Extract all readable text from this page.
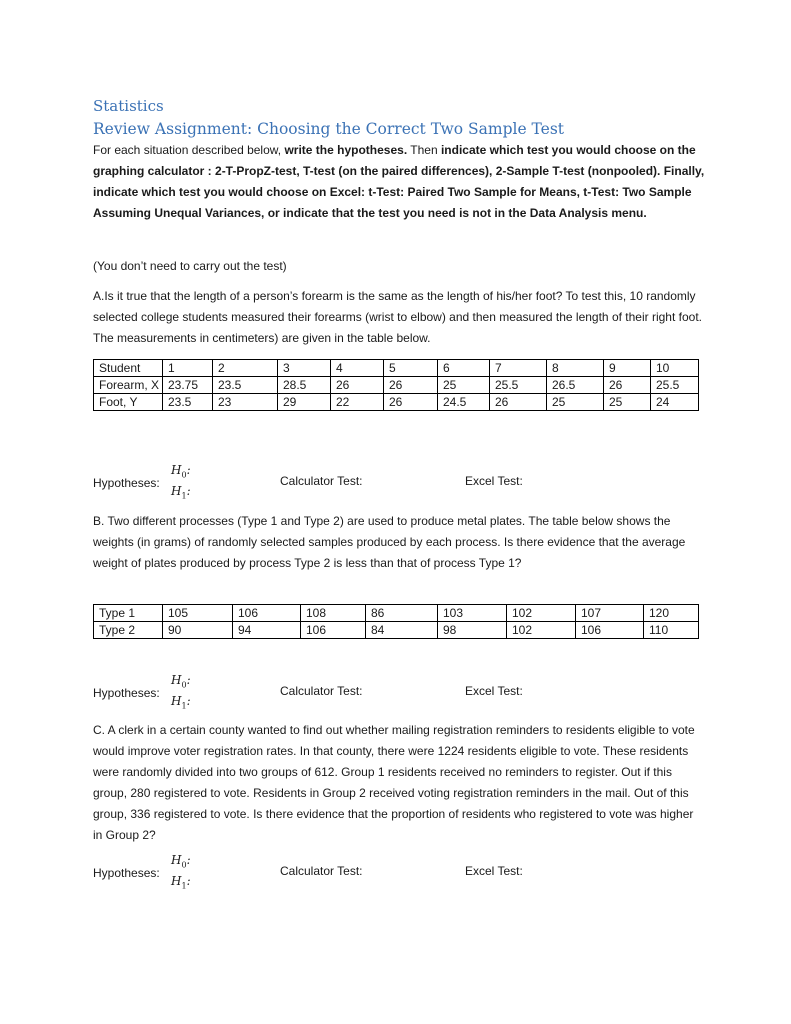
Statistics
Review Assignment: Choosing the Correct Two Sample Test
For each situation described below, write the hypotheses. Then indicate which test you would choose on the graphing calculator : 2-T-PropZ-test, T-test (on the paired differences), 2-Sample T-test (nonpooled). Finally, indicate which test you would choose on Excel: t-Test: Paired Two Sample for Means, t-Test: Two Sample Assuming Unequal Variances, or indicate that the test you need is not in the Data Analysis menu.
(You don’t need to carry out the test)
A.Is it true that the length of a person’s forearm is the same as the length of his/her foot? To test this, 10 randomly selected college students measured their forearms (wrist to elbow) and then measured the length of their right foot. The measurements in centimeters) are given in the table below.
Student	1	2	3	4	5	6	7	8	9	10
Forearm, X	23.75	23.5	28.5	26	26	25	25.5	26.5	26	25.5
Foot, Y	23.5	23	29	22	26	24.5	26	25	25	24
Hypotheses:
$H_0$:
$H_1$:
Calculator Test:	Excel Test:
B. Two different processes (Type 1 and Type 2) are used to produce metal plates. The table below shows the weights (in grams) of randomly selected samples produced by each process. Is there evidence that the average weight of plates produced by process Type 2 is less than that of process Type 1?
Type 1	105	106	108	86	103	102	107	120
Type 2	90	94	106	84	98	102	106	110
Hypotheses:
$H_0$:
$H_1$:
Calculator Test:	Excel Test:
C. A clerk in a certain county wanted to find out whether mailing registration reminders to residents eligible to vote would improve voter registration rates. In that county, there were 1224 residents eligible to vote. These residents were randomly divided into two groups of 612. Group 1 residents received no reminders to register. Out if this group, 280 registered to vote. Residents in Group 2 received voting registration reminders in the mail. Out of this group, 336 registered to vote. Is there evidence that the proportion of residents who registered to vote was higher in Group 2?
Hypotheses:
$H_0$:
$H_1$:
Calculator Test:	Excel Test:
